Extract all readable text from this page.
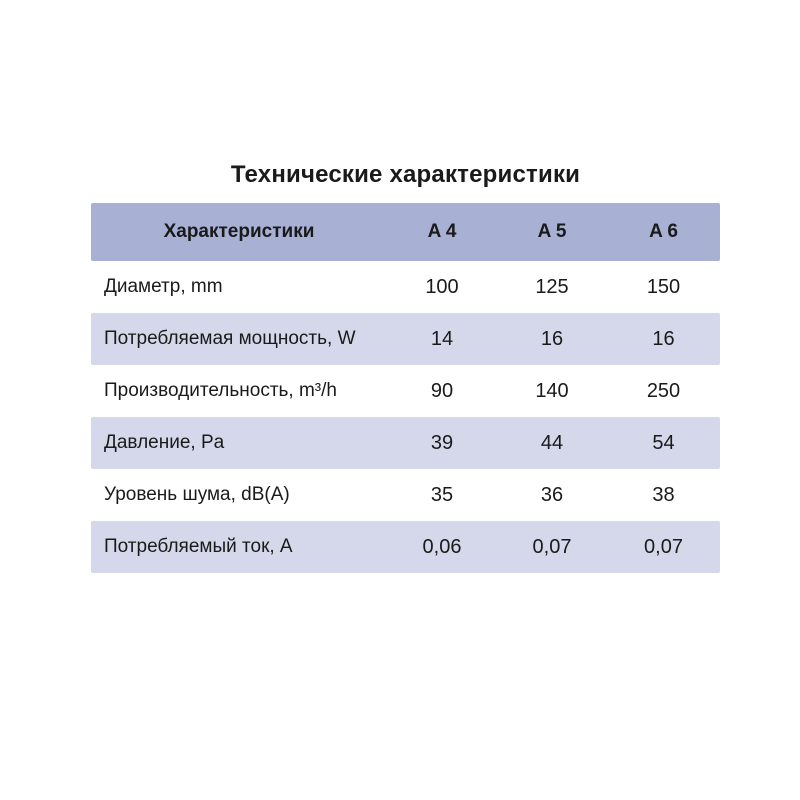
Технические характеристики
Характеристики	A 4	A 5	A 6
Диаметр, mm	100	125	150
Потребляемая мощность, W	14	16	16
Производительность, m³/h	90	140	250
Давление, Pa	39	44	54
Уровень шума, dB(A)	35	36	38
Потребляемый ток, A	0,06	0,07	0,07
